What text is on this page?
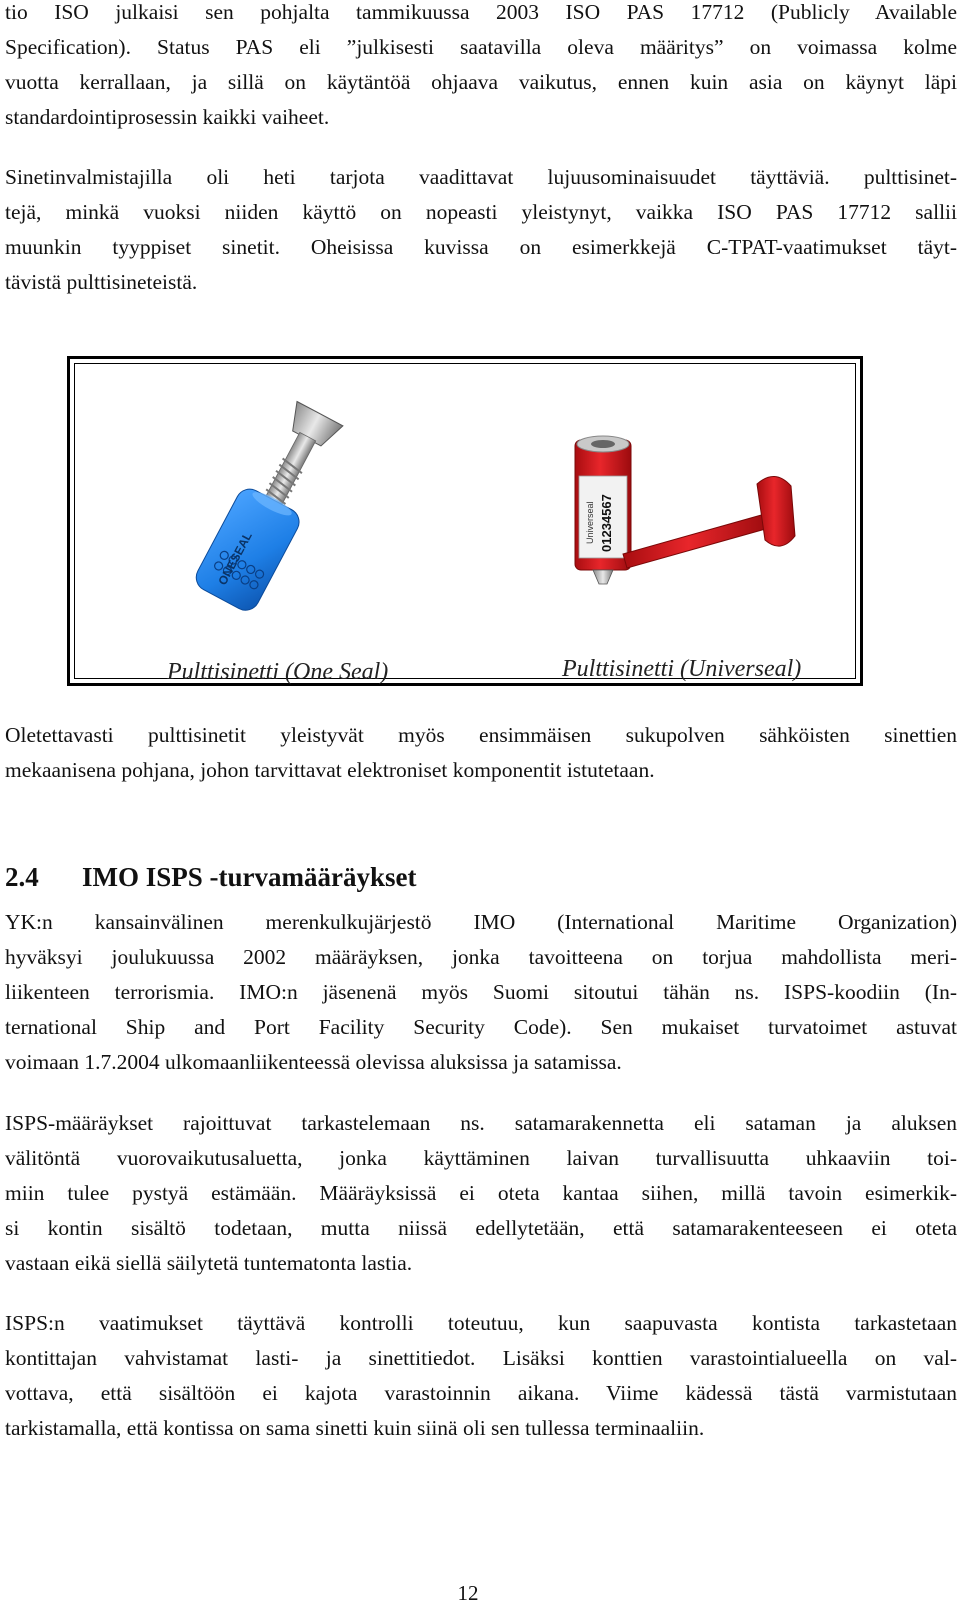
tio ISO julkaisi sen pohjalta tammikuussa 2003 ISO PAS 17712 (Publicly Available
Specification). Status PAS eli ”julkisesti saatavilla oleva määritys” on voimassa kolme
vuotta kerrallaan, ja sillä on käytäntöä ohjaava vaikutus, ennen kuin asia on käynyt läpi
standardointiprosessin kaikki vaiheet.

Sinetinvalmistajilla oli heti tarjota vaadittavat lujuusominaisuudet täyttäviä. pulttisinet-
tejä, minkä vuoksi niiden käyttö on nopeasti yleistynyt, vaikka ISO PAS 17712 sallii
muunkin tyyppiset sinetit. Oheisissa kuvissa on esimerkkejä C-TPAT-vaatimukset täyt-
tävistä pulttisineteistä.

ONESEAL
Universeal 01234567
Pulttisinetti (One Seal)	Pulttisinetti (Universeal)

Oletettavasti pulttisinetit yleistyvät myös ensimmäisen sukupolven sähköisten sinettien
mekaanisena pohjana, johon tarvittavat elektroniset komponentit istutetaan.

2.4 IMO ISPS -turvamääräykset

YK:n kansainvälinen merenkulkujärjestö IMO (International Maritime Organization)
hyväksyi joulukuussa 2002 määräyksen, jonka tavoitteena on torjua mahdollista meri-
liikenteen terrorismia. IMO:n jäsenenä myös Suomi sitoutui tähän ns. ISPS-koodiin (In-
ternational Ship and Port Facility Security Code). Sen mukaiset turvatoimet astuvat
voimaan 1.7.2004 ulkomaanliikenteessä olevissa aluksissa ja satamissa.

ISPS-määräykset rajoittuvat tarkastelemaan ns. satamarakennetta eli sataman ja aluksen
välitöntä vuorovaikutusaluetta, jonka käyttäminen laivan turvallisuutta uhkaaviin toi-
miin tulee pystyä estämään. Määräyksissä ei oteta kantaa siihen, millä tavoin esimerkik-
si kontin sisältö todetaan, mutta niissä edellytetään, että satamarakenteeseen ei oteta
vastaan eikä siellä säilytetä tuntematonta lastia.

ISPS:n vaatimukset täyttävä kontrolli toteutuu, kun saapuvasta kontista tarkastetaan
kontittajan vahvistamat lasti- ja sinettitiedot. Lisäksi konttien varastointialueella on val-
vottava, että sisältöön ei kajota varastoinnin aikana. Viime kädessä tästä varmistutaan
tarkistamalla, että kontissa on sama sinetti kuin siinä oli sen tullessa terminaaliin.

12
